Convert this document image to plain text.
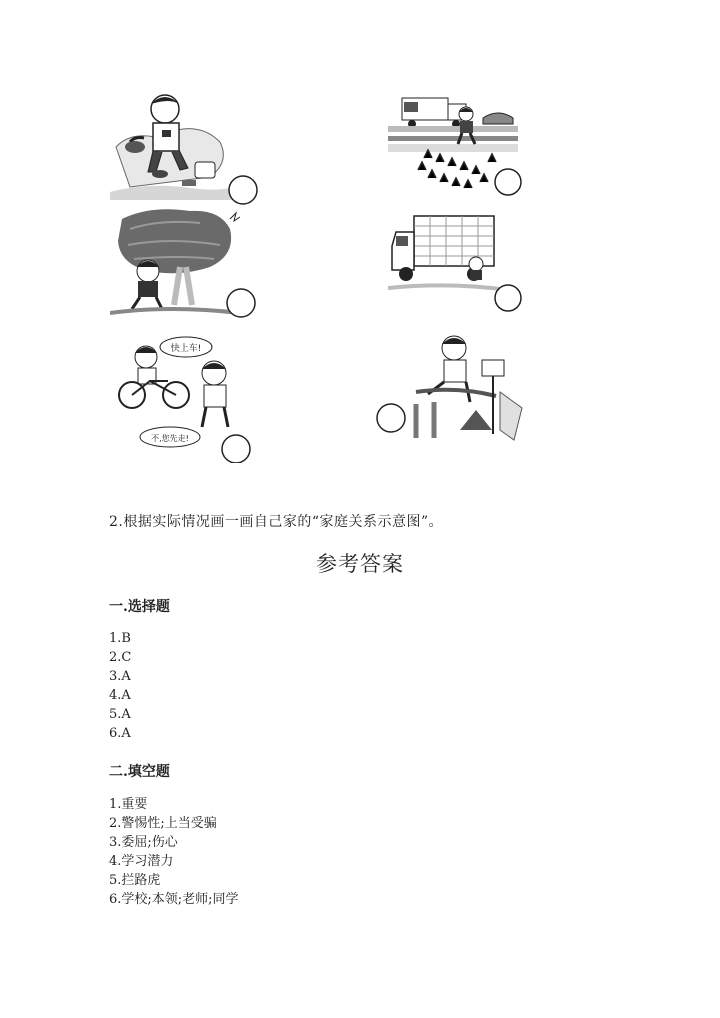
快上车!
不,您先走!
2.根据实际情况画一画自己家的“家庭关系示意图”。
参考答案
一.选择题
1.B
2.C
3.A
4.A
5.A
6.A
二.填空题
1.重要
2.警惕性;上当受骗
3.委屈;伤心
4.学习潜力
5.拦路虎
6.学校;本领;老师;同学
